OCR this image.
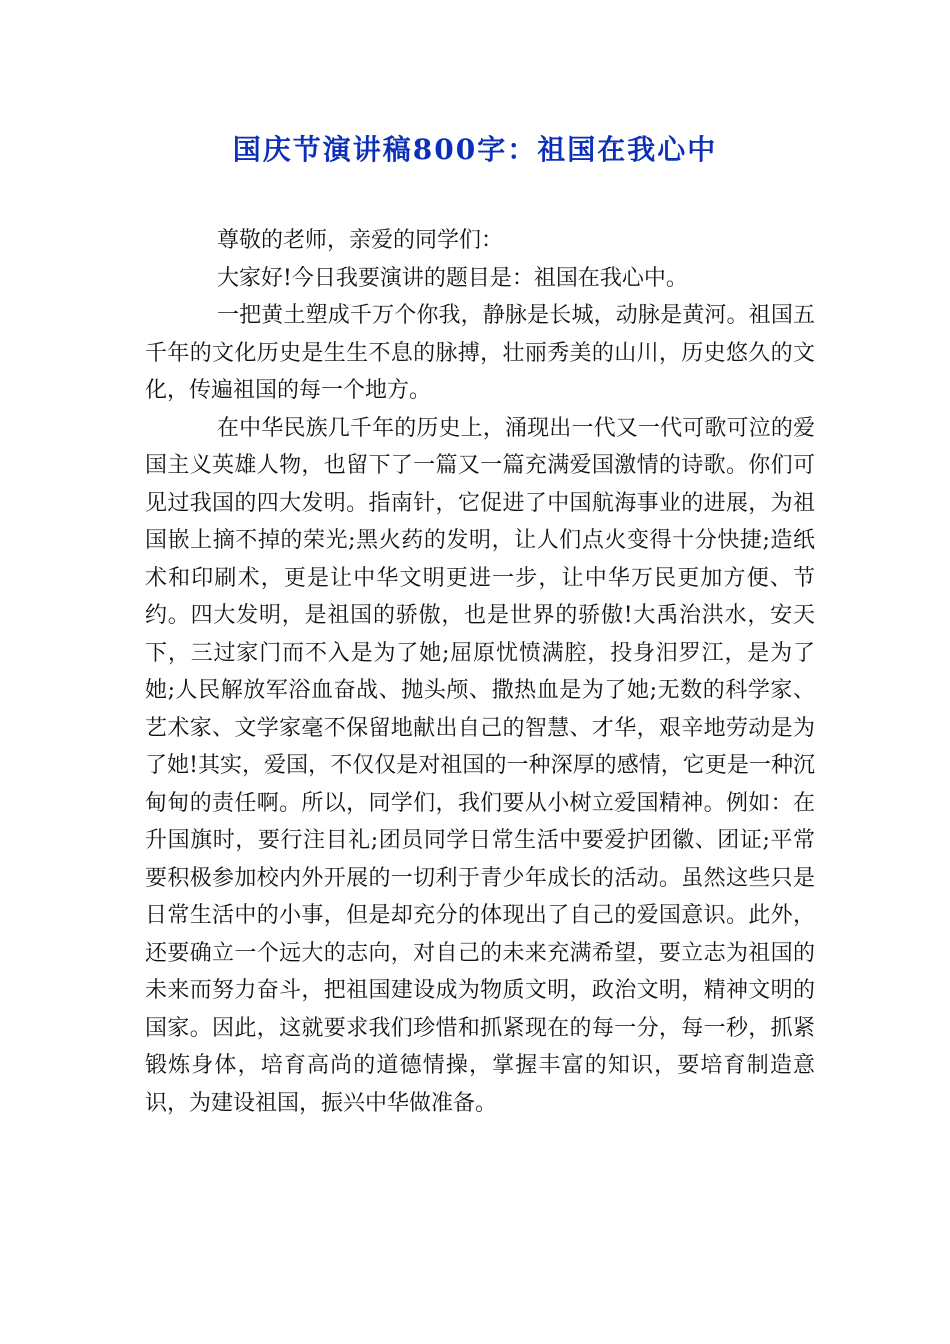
国庆节演讲稿800字：祖国在我心中

尊敬的老师，亲爱的同学们：

大家好!今日我要演讲的题目是：祖国在我心中。

一把黄土塑成千万个你我，静脉是长城，动脉是黄河。祖国五千年的文化历史是生生不息的脉搏，壮丽秀美的山川，历史悠久的文化，传遍祖国的每一个地方。

在中华民族几千年的历史上，涌现出一代又一代可歌可泣的爱国主义英雄人物，也留下了一篇又一篇充满爱国激情的诗歌。你们可见过我国的四大发明。指南针，它促进了中国航海事业的进展，为祖国嵌上摘不掉的荣光;黑火药的发明，让人们点火变得十分快捷;造纸术和印刷术，更是让中华文明更进一步，让中华万民更加方便、节约。四大发明，是祖国的骄傲，也是世界的骄傲!大禹治洪水，安天下，三过家门而不入是为了她;屈原忧愤满腔，投身汨罗江，是为了她;人民解放军浴血奋战、抛头颅、撒热血是为了她;无数的科学家、艺术家、文学家毫不保留地献出自己的智慧、才华，艰辛地劳动是为了她!其实，爱国，不仅仅是对祖国的一种深厚的感情，它更是一种沉甸甸的责任啊。所以，同学们，我们要从小树立爱国精神。例如：在升国旗时，要行注目礼;团员同学日常生活中要爱护团徽、团证;平常要积极参加校内外开展的一切利于青少年成长的活动。虽然这些只是日常生活中的小事，但是却充分的体现出了自己的爱国意识。此外，还要确立一个远大的志向，对自己的未来充满希望，要立志为祖国的未来而努力奋斗，把祖国建设成为物质文明，政治文明，精神文明的国家。因此，这就要求我们珍惜和抓紧现在的每一分，每一秒，抓紧锻炼身体，培育高尚的道德情操，掌握丰富的知识，要培育制造意识，为建设祖国，振兴中华做准备。
